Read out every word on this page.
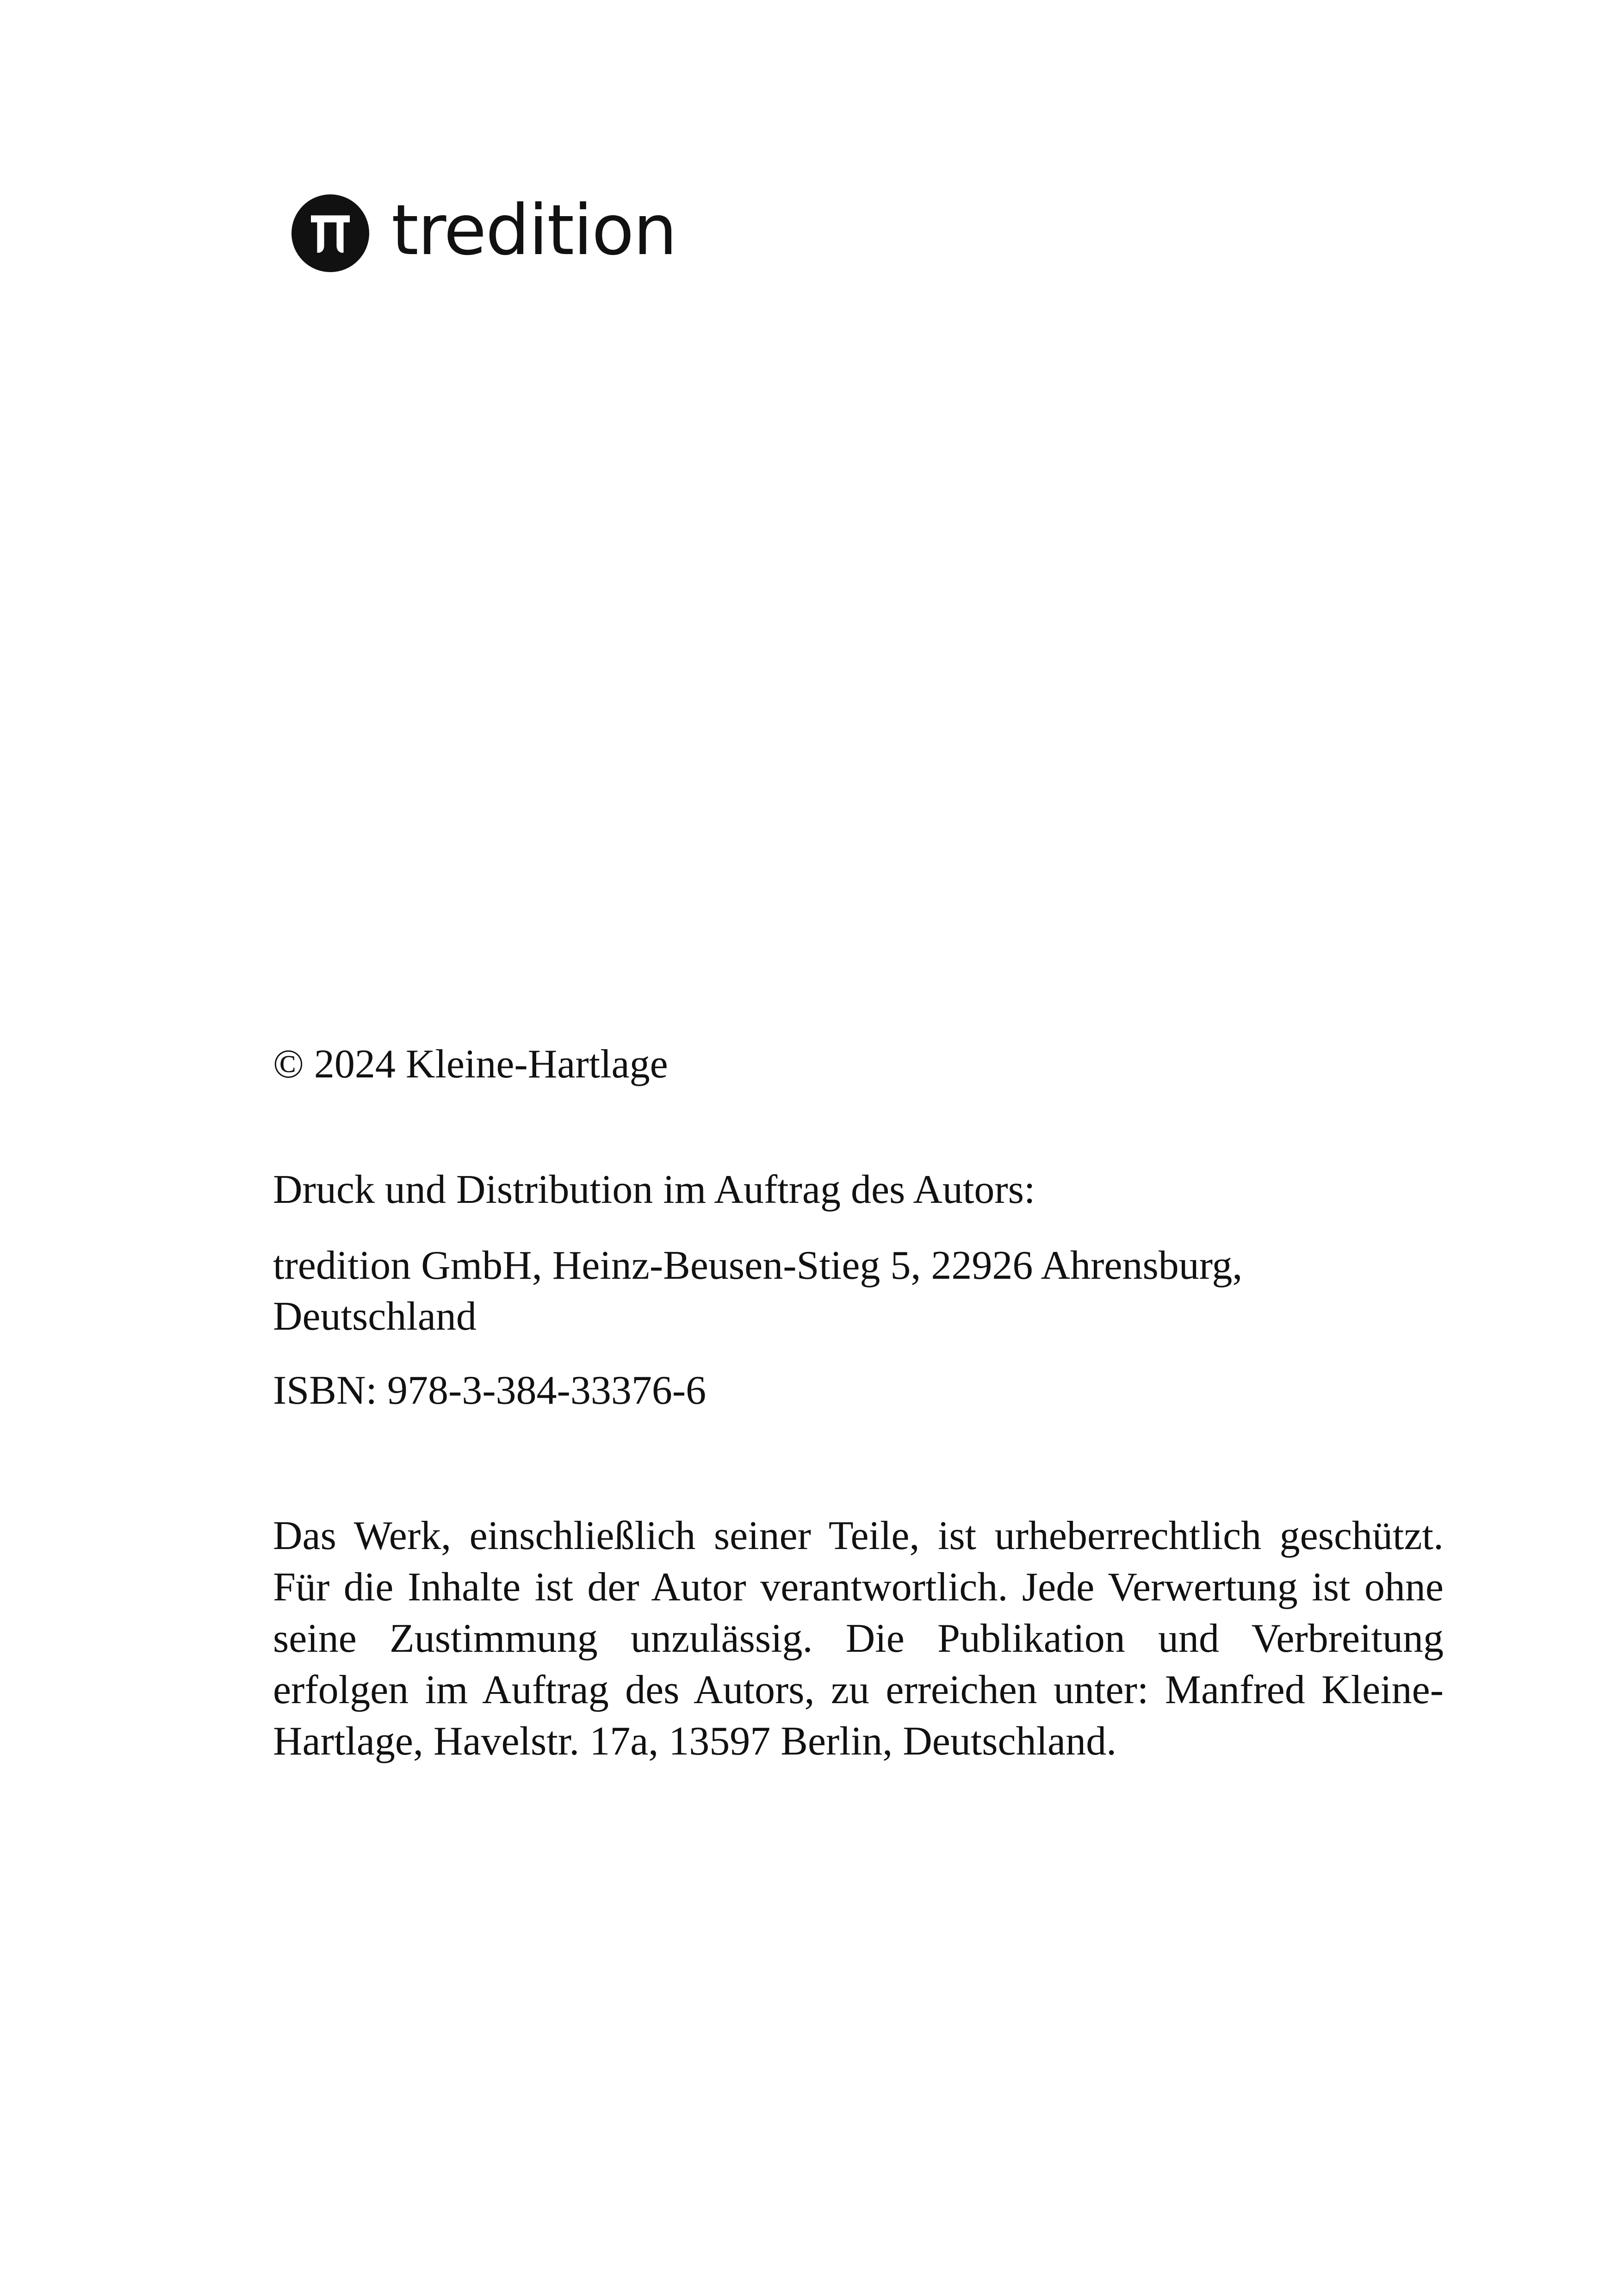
tredition

© 2024 Kleine-Hartlage

Druck und Distribution im Auftrag des Autors:

tredition GmbH, Heinz-Beusen-Stieg 5, 22926 Ahrensburg,
Deutschland

ISBN: 978-3-384-33376-6

Das Werk, einschließlich seiner Teile, ist urheberrechtlich geschützt. Für die Inhalte ist der Autor verantwortlich. Jede Verwertung ist ohne seine Zustimmung unzulässig. Die Publikation und Verbreitung erfolgen im Auftrag des Autors, zu erreichen unter: Manfred Kleine-Hartlage, Havelstr. 17a, 13597 Berlin, Deutschland.
